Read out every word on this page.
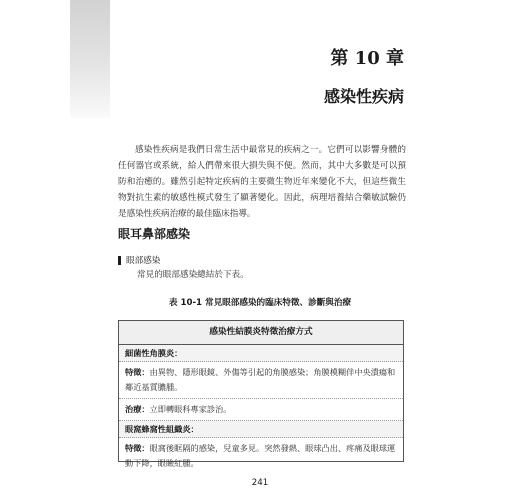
第 10 章
感染性疾病

感染性疾病是我們日常生活中最常見的疾病之一。它們可以影響身體的任何器官或系統，給人們帶來很大損失與不便。然而，其中大多數是可以預防和治癒的。雖然引起特定疾病的主要微生物近年來變化不大，但這些微生物對抗生素的敏感性模式發生了顯著變化。因此，病理培養結合藥敏試驗仍是感染性疾病治療的最佳臨床指導。

眼耳鼻部感染
眼部感染
常見的眼部感染總結於下表。
表 10-1 常見眼部感染的臨床特徵、診斷與治療
感染性結膜炎特徵治療方式
細菌性角膜炎：
特徵：由異物、隱形眼鏡、外傷等引起的角膜感染；角膜模糊伴中央潰瘍和鄰近基質膿腫。
治療：立即轉眼科專家診治。
眼窩蜂窩性組織炎：
特徵：眼窩後眶隔的感染，兒童多見。突然發熱、眼球凸出、疼痛及眼球運動下降，眼瞼紅腫。
241
